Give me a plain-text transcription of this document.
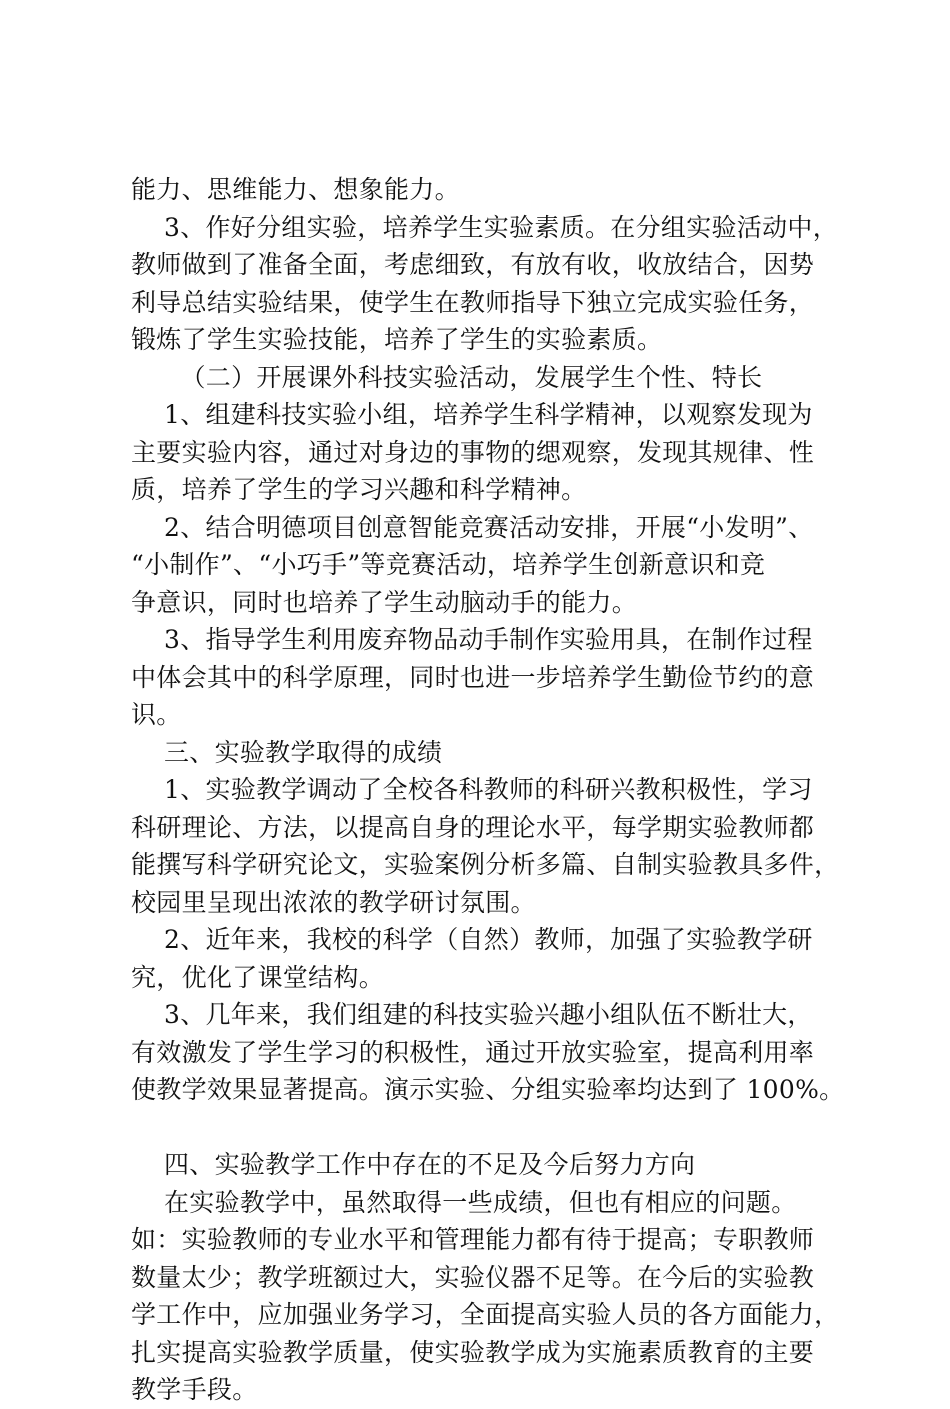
能力、思维能力、想象能力。
3、作好分组实验，培养学生实验素质。在分组实验活动中，
教师做到了准备全面，考虑细致，有放有收，收放结合，因势
利导总结实验结果，使学生在教师指导下独立完成实验任务，
锻炼了学生实验技能，培养了学生的实验素质。
（二）开展课外科技实验活动，发展学生个性、特长
1、组建科技实验小组，培养学生科学精神，以观察发现为
主要实验内容，通过对身边的事物的缌观察，发现其规律、性
质，培养了学生的学习兴趣和科学精神。
2、结合明德项目创意智能竞赛活动安排，开展“小发明”、
“小制作”、“小巧手”等竞赛活动，培养学生创新意识和竞
争意识，同时也培养了学生动脑动手的能力。
3、指导学生利用废弃物品动手制作实验用具，在制作过程
中体会其中的科学原理，同时也进一步培养学生勤俭节约的意
识。
三、实验教学取得的成绩
1、实验教学调动了全校各科教师的科研兴教积极性，学习
科研理论、方法，以提高自身的理论水平，每学期实验教师都
能撰写科学研究论文，实验案例分析多篇、自制实验教具多件，
校园里呈现出浓浓的教学研讨氛围。
2、近年来，我校的科学（自然）教师，加强了实验教学研
究，优化了课堂结构。
3、几年来，我们组建的科技实验兴趣小组队伍不断壮大，
有效激发了学生学习的积极性，通过开放实验室，提高利用率
使教学效果显著提高。演示实验、分组实验率均达到了 100%。
四、实验教学工作中存在的不足及今后努力方向
在实验教学中，虽然取得一些成绩，但也有相应的问题。
如：实验教师的专业水平和管理能力都有待于提高；专职教师
数量太少；教学班额过大，实验仪器不足等。在今后的实验教
学工作中，应加强业务学习，全面提高实验人员的各方面能力，
扎实提高实验教学质量，使实验教学成为实施素质教育的主要
教学手段。
